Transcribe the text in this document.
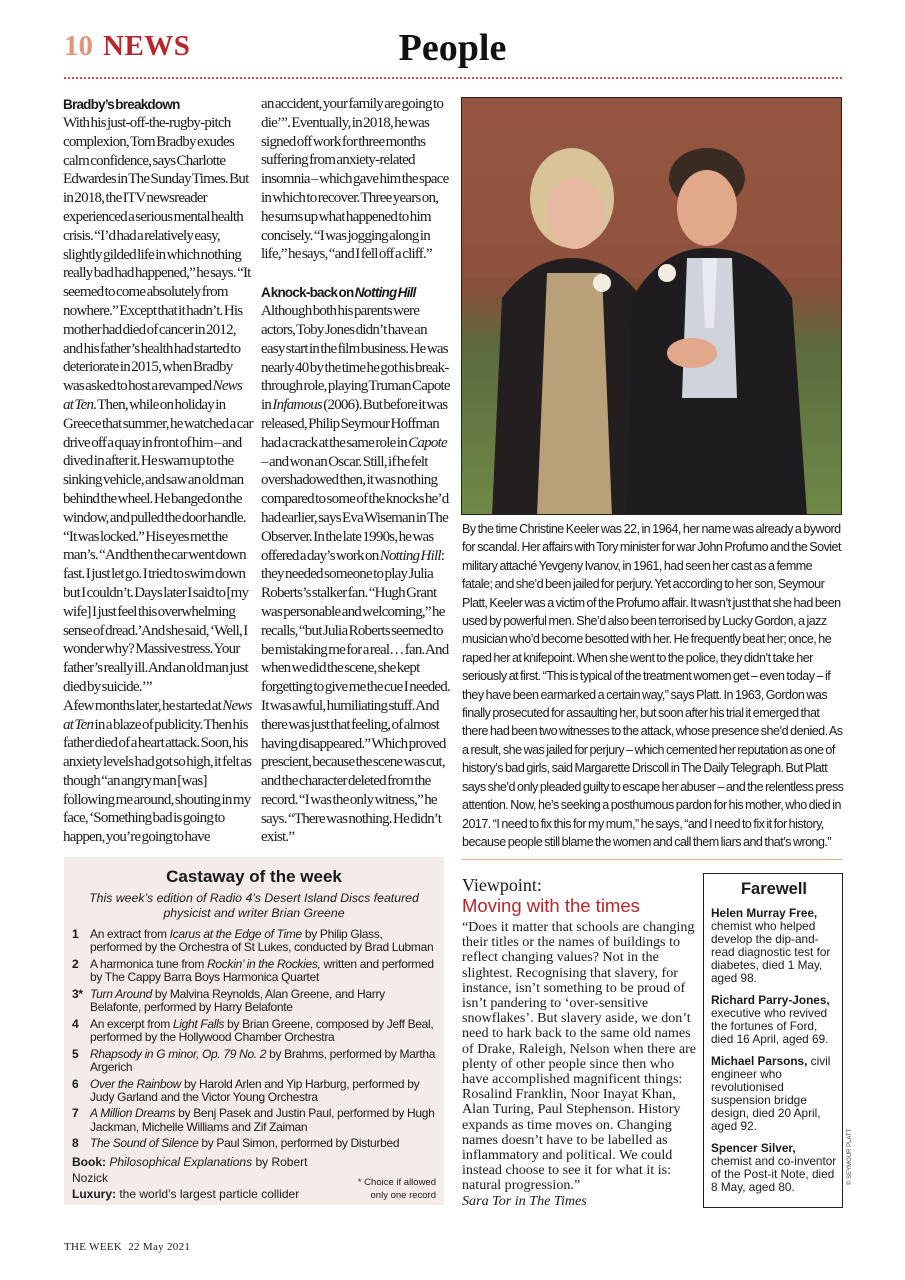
10 NEWS	People
Bradby’s breakdown

With his just-off-the-rugby-pitch complexion, Tom Bradby exudes calm confidence, says Charlotte Edwardes in The Sunday Times. But in 2018, the ITV newsreader experienced a serious mental health crisis. “I’d had a relatively easy, slightly gilded life in which nothing really bad had happened,” he says. “It seemed to come absolutely from nowhere.” Except that it hadn’t. His mother had died of cancer in 2012, and his father’s health had started to deteriorate in 2015, when Bradby was asked to host a revamped News at Ten. Then, while on holiday in Greece that summer, he watched a car drive off a quay in front of him – and dived in after it. He swam up to the sinking vehicle, and saw an old man behind the wheel. He banged on the window, and pulled the door handle. “It was locked.” His eyes met the man’s. “And then the car went down fast. I just let go. I tried to swim down but I couldn’t. Days later I said to [my wife] I just feel this overwhelming sense of dread.’ And she said, ‘Well, I wonder why? Massive stress. Your father’s really ill. And an old man just died by suicide.’”

A few months later, he started at News at Ten in a blaze of publicity. Then his father died of a heart attack. Soon, his anxiety levels had got so high, it felt as though “an angry man [was] following me around, shouting in my face, ‘Something bad is going to happen, you’re going to have

an accident, your family are going to die’”. Eventually, in 2018, he was signed off work for three months suffering from anxiety-related insomnia – which gave him the space in which to recover. Three years on, he sums up what happened to him concisely. “I was jogging along in life,” he says, “and I fell off a cliff.”

A knock-back on Notting Hill

Although both his parents were actors, Toby Jones didn’t have an easy start in the film business. He was nearly 40 by the time he got his break-through role, playing Truman Capote in Infamous (2006). But before it was released, Philip Seymour Hoffman had a crack at the same role in Capote – and won an Oscar. Still, if he felt overshadowed then, it was nothing compared to some of the knocks he’d had earlier, says Eva Wiseman in The Observer. In the late 1990s, he was offered a day’s work on Notting Hill: they needed someone to play Julia Roberts’s stalker fan. “Hugh Grant was personable and welcoming,” he recalls, “but Julia Roberts seemed to be mistaking me for a real… fan. And when we did the scene, she kept forgetting to give me the cue I needed. It was awful, humiliating stuff. And there was just that feeling, of almost having disappeared.” Which proved prescient, because the scene was cut, and the character deleted from the record. “I was the only witness,” he says. “There was nothing. He didn’t exist.”

By the time Christine Keeler was 22, in 1964, her name was already a byword for scandal. Her affairs with Tory minister for war John Profumo and the Soviet military attaché Yevgeny Ivanov, in 1961, had seen her cast as a femme fatale; and she’d been jailed for perjury. Yet according to her son, Seymour Platt, Keeler was a victim of the Profumo affair. It wasn’t just that she had been used by powerful men. She’d also been terrorised by Lucky Gordon, a jazz musician who’d become besotted with her. He frequently beat her; once, he raped her at knifepoint. When she went to the police, they didn’t take her seriously at first. “This is typical of the treatment women get – even today – if they have been earmarked a certain way,” says Platt. In 1963, Gordon was finally prosecuted for assaulting her, but soon after his trial it emerged that there had been two witnesses to the attack, whose presence she’d denied. As a result, she was jailed for perjury – which cemented her reputation as one of history’s bad girls, said Margarette Driscoll in The Daily Telegraph. But Platt says she’d only pleaded guilty to escape her abuser – and the relentless press attention. Now, he’s seeking a posthumous pardon for his mother, who died in 2017. “I need to fix this for my mum,” he says, “and I need to fix it for history, because people still blame the women and call them liars and that’s wrong.”
Castaway of the week
This week’s edition of Radio 4’s Desert Island Discs featured physicist and writer Brian Greene
1 An extract from Icarus at the Edge of Time by Philip Glass, performed by the Orchestra of St Lukes, conducted by Brad Lubman
2 A harmonica tune from Rockin’ in the Rockies, written and performed by The Cappy Barra Boys Harmonica Quartet
3* Turn Around by Malvina Reynolds, Alan Greene, and Harry Belafonte, performed by Harry Belafonte
4 An excerpt from Light Falls by Brian Greene, composed by Jeff Beal, performed by the Hollywood Chamber Orchestra
5 Rhapsody in G minor, Op. 79 No. 2 by Brahms, performed by Martha Argerich
6 Over the Rainbow by Harold Arlen and Yip Harburg, performed by Judy Garland and the Victor Young Orchestra
7 A Million Dreams by Benj Pasek and Justin Paul, performed by Hugh Jackman, Michelle Williams and Zif Zaiman
8 The Sound of Silence by Paul Simon, performed by Disturbed
Book: Philosophical Explanations by Robert Nozick
Luxury: the world’s largest particle collider
* Choice if allowed only one record
Viewpoint:
Moving with the times
“Does it matter that schools are changing their titles or the names of buildings to reflect changing values? Not in the slightest. Recognising that slavery, for instance, isn’t something to be proud of isn’t pandering to ‘over-sensitive snowflakes’. But slavery aside, we don’t need to hark back to the same old names of Drake, Raleigh, Nelson when there are plenty of other people since then who have accomplished magnificent things: Rosalind Franklin, Noor Inayat Khan, Alan Turing, Paul Stephenson. History expands as time moves on. Changing names doesn’t have to be labelled as inflammatory and political. We could instead choose to see it for what it is: natural progression.”
Sara Tor in The Times
Farewell
Helen Murray Free, chemist who helped develop the dip-and-read diagnostic test for diabetes, died 1 May, aged 98.
Richard Parry-Jones, executive who revived the fortunes of Ford, died 16 April, aged 69.
Michael Parsons, civil engineer who revolutionised suspension bridge design, died 20 April, aged 92.
Spencer Silver, chemist and co-inventor of the Post-it Note, died 8 May, aged 80.
© SEYMOUR PLATT
THE WEEK 22 May 2021
